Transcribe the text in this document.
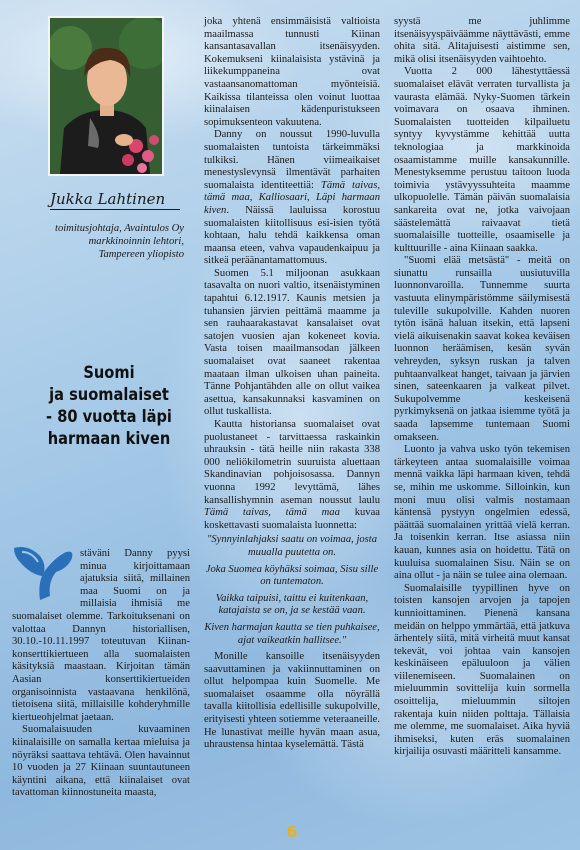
Jukka Lahtinen
toimitusjohtaja, Avaintulos Oy
markkinoinnin lehtori,
Tampereen yliopisto
Suomi
ja suomalaiset
- 80 vuotta läpi
harmaan kiven

stäväni Danny pyysi minua kirjoittamaan ajatuksia siitä, millainen maa Suomi on ja millaisia ihmisiä me suomalaiset olemme. Tarkoituksenani on valottaa Dannyn historiallisen, 30.10.-10.11.1997 toteutuvan Kiinan-konserttikiertueen alla suomalaisten käsityksiä maastaan. Kirjoitan tämän Aasian konserttikiertueiden organisoinnista vastaavana henkilönä, tietoisena siitä, millaisille kohderyhmille kiertueohjelmat jaetaan.

Suomalaisuuden kuvaaminen kiinalaisille on samalla kertaa mieluisa ja nöyräksi saattava tehtävä. Olen havainnut 10 vuoden ja 27 Kiinaan suuntautuneen käyntini aikana, että kiinalaiset ovat tavattoman kiinnostuneita maasta,

joka yhtenä ensimmäisistä valtioista maailmassa tunnusti Kiinan kansantasavallan itsenäisyyden. Kokemukseni kiinalaisista ystävinä ja liikekumppaneina ovat vastaansanomattoman myönteisiä. Kaikissa tilanteissa olen voinut luottaa kiinalaisen kädenpuristukseen sopimuksenteon vakuutena.

Danny on noussut 1990-luvulla suomalaisten tuntoista tärkeimmäksi tulkiksi. Hänen viimeaikaiset menestyslevynsä ilmentävät parhaiten suomalaista identiteettiä: Tämä taivas, tämä maa, Kalliosaari, Läpi harmaan kiven. Näissä lauluissa korostuu suomalaisten kiitollisuus esi-isien työtä kohtaan, halu tehdä kaikkensa oman maansa eteen, vahva vapaudenkaipuu ja sitkeä peräänantamattomuus.

Suomen 5.1 miljoonan asukkaan tasavalta on nuori valtio, itsenäistyminen tapahtui 6.12.1917. Kaunis metsien ja tuhansien järvien peittämä maamme ja sen rauhaarakastavat kansalaiset ovat satojen vuosien ajan kokeneet kovia. Vasta toisen maailmansodan jälkeen suomalaiset ovat saaneet rakentaa maataan ilman ulkoisen uhan paineita. Tänne Pohjantähden alle on ollut vaikea asettua, kansakunnaksi kasvaminen on ollut tuskallista.

Kautta historiansa suomalaiset ovat puolustaneet - tarvittaessa raskainkin uhrauksin - tätä heille niin rakasta 338 000 neliökilometrin suuruista aluettaan Skandinavian pohjoisosassa. Dannyn vuonna 1992 levyttämä, lähes kansallishymnin aseman noussut laulu Tämä taivas, tämä maa kuvaa koskettavasti suomalaista luonnetta:

"Synnyinlahjaksi saatu on voimaa, josta muualla puutetta on.

Joka Suomea köyhäksi soimaa, Sisu sille on tuntematon.

Vaikka taipuisi, taittu ei kuitenkaan, katajaista se on, ja se kestää vaan.

Kiven harmajan kautta se tien puhkaisee, ajat vaikeatkin hallitsee."

Monille kansoille itsenäisyyden saavuttaminen ja vakiinnuttaminen on ollut helpompaa kuin Suomelle. Me suomalaiset osaamme olla nöyrällä tavalla kiitollisia edellisille sukupolville, erityisesti yhteen sotiemme veteraaneille. He lunastivat meille hyvän maan asua, uhraustensa hintaa kyselemättä. Tästä

syystä me juhlimme itsenäisyyspäiväämme näyttävästi, emme ohita sitä. Alitajuisesti aistimme sen, mikä olisi itsenäisyyden vaihtoehto.

Vuotta 2 000 lähestyttäessä suomalaiset elävät verraten turvallista ja vaurasta elämää. Nyky-Suomen tärkein voimavara on osaava ihminen. Suomalaisten tuotteiden kilpailuetu syntyy kyvystämme kehittää uutta teknologiaa ja markkinoida osaamistamme muille kansakunnille. Menestyksemme perustuu taitoon luoda toimivia ystävyyssuhteita maamme ulkopuolelle. Tämän päivän suomalaisia sankareita ovat ne, jotka vaivojaan säästelemättä raivaavat tietä suomalaisille tuotteille, osaamiselle ja kulttuurille - aina Kiinaan saakka.

"Suomi elää metsästä" - meitä on siunattu runsailla uusiutuvilla luonnonvaroilla. Tunnemme suurta vastuuta elinympäristömme säilymisestä tuleville sukupolville. Kahden nuoren tytön isänä haluan itsekin, että lapseni vielä aikuisenakin saavat kokea keväisen luonnon heräämisen, kesän syvän vehreyden, syksyn ruskan ja talven puhtaanvalkeat hanget, taivaan ja järvien sinen, sateenkaaren ja valkeat pilvet. Sukupolvemme keskeisenä pyrkimyksenä on jatkaa isiemme työtä ja saada lapsemme tuntemaan Suomi omakseen.

Luonto ja vahva usko työn tekemisen tärkeyteen antaa suomalaisille voimaa mennä vaikka läpi harmaan kiven, tehdä se, mihin me uskomme. Silloinkin, kun moni muu olisi valmis nostamaan käntensä pystyyn ongelmien edessä, päättää suomalainen yrittää vielä kerran. Ja toisenkin kerran. Itse asiassa niin kauan, kunnes asia on hoidettu. Tätä on kuuluisa suomalainen Sisu. Näin se on aina ollut - ja näin se tulee aina olemaan.

Suomalaisille tyypillinen hyve on toisten kansojen arvojen ja tapojen kunnioittaminen. Pienenä kansana meidän on helppo ymmärtää, että jatkuva ärhentely siitä, mitä virheitä muut kansat tekevät, voi johtaa vain kansojen keskinäiseen epäluuloon ja välien viilenemiseen. Suomalainen on mieluummin sovittelija kuin sormella osoittelija, mieluummin siltojen rakentaja kuin niiden polttaja. Tällaisia me olemme, me suomalaiset. Aika hyviä ihmiseksi, kuten eräs suomalainen kirjailija osuvasti määritteli kansamme.

6
